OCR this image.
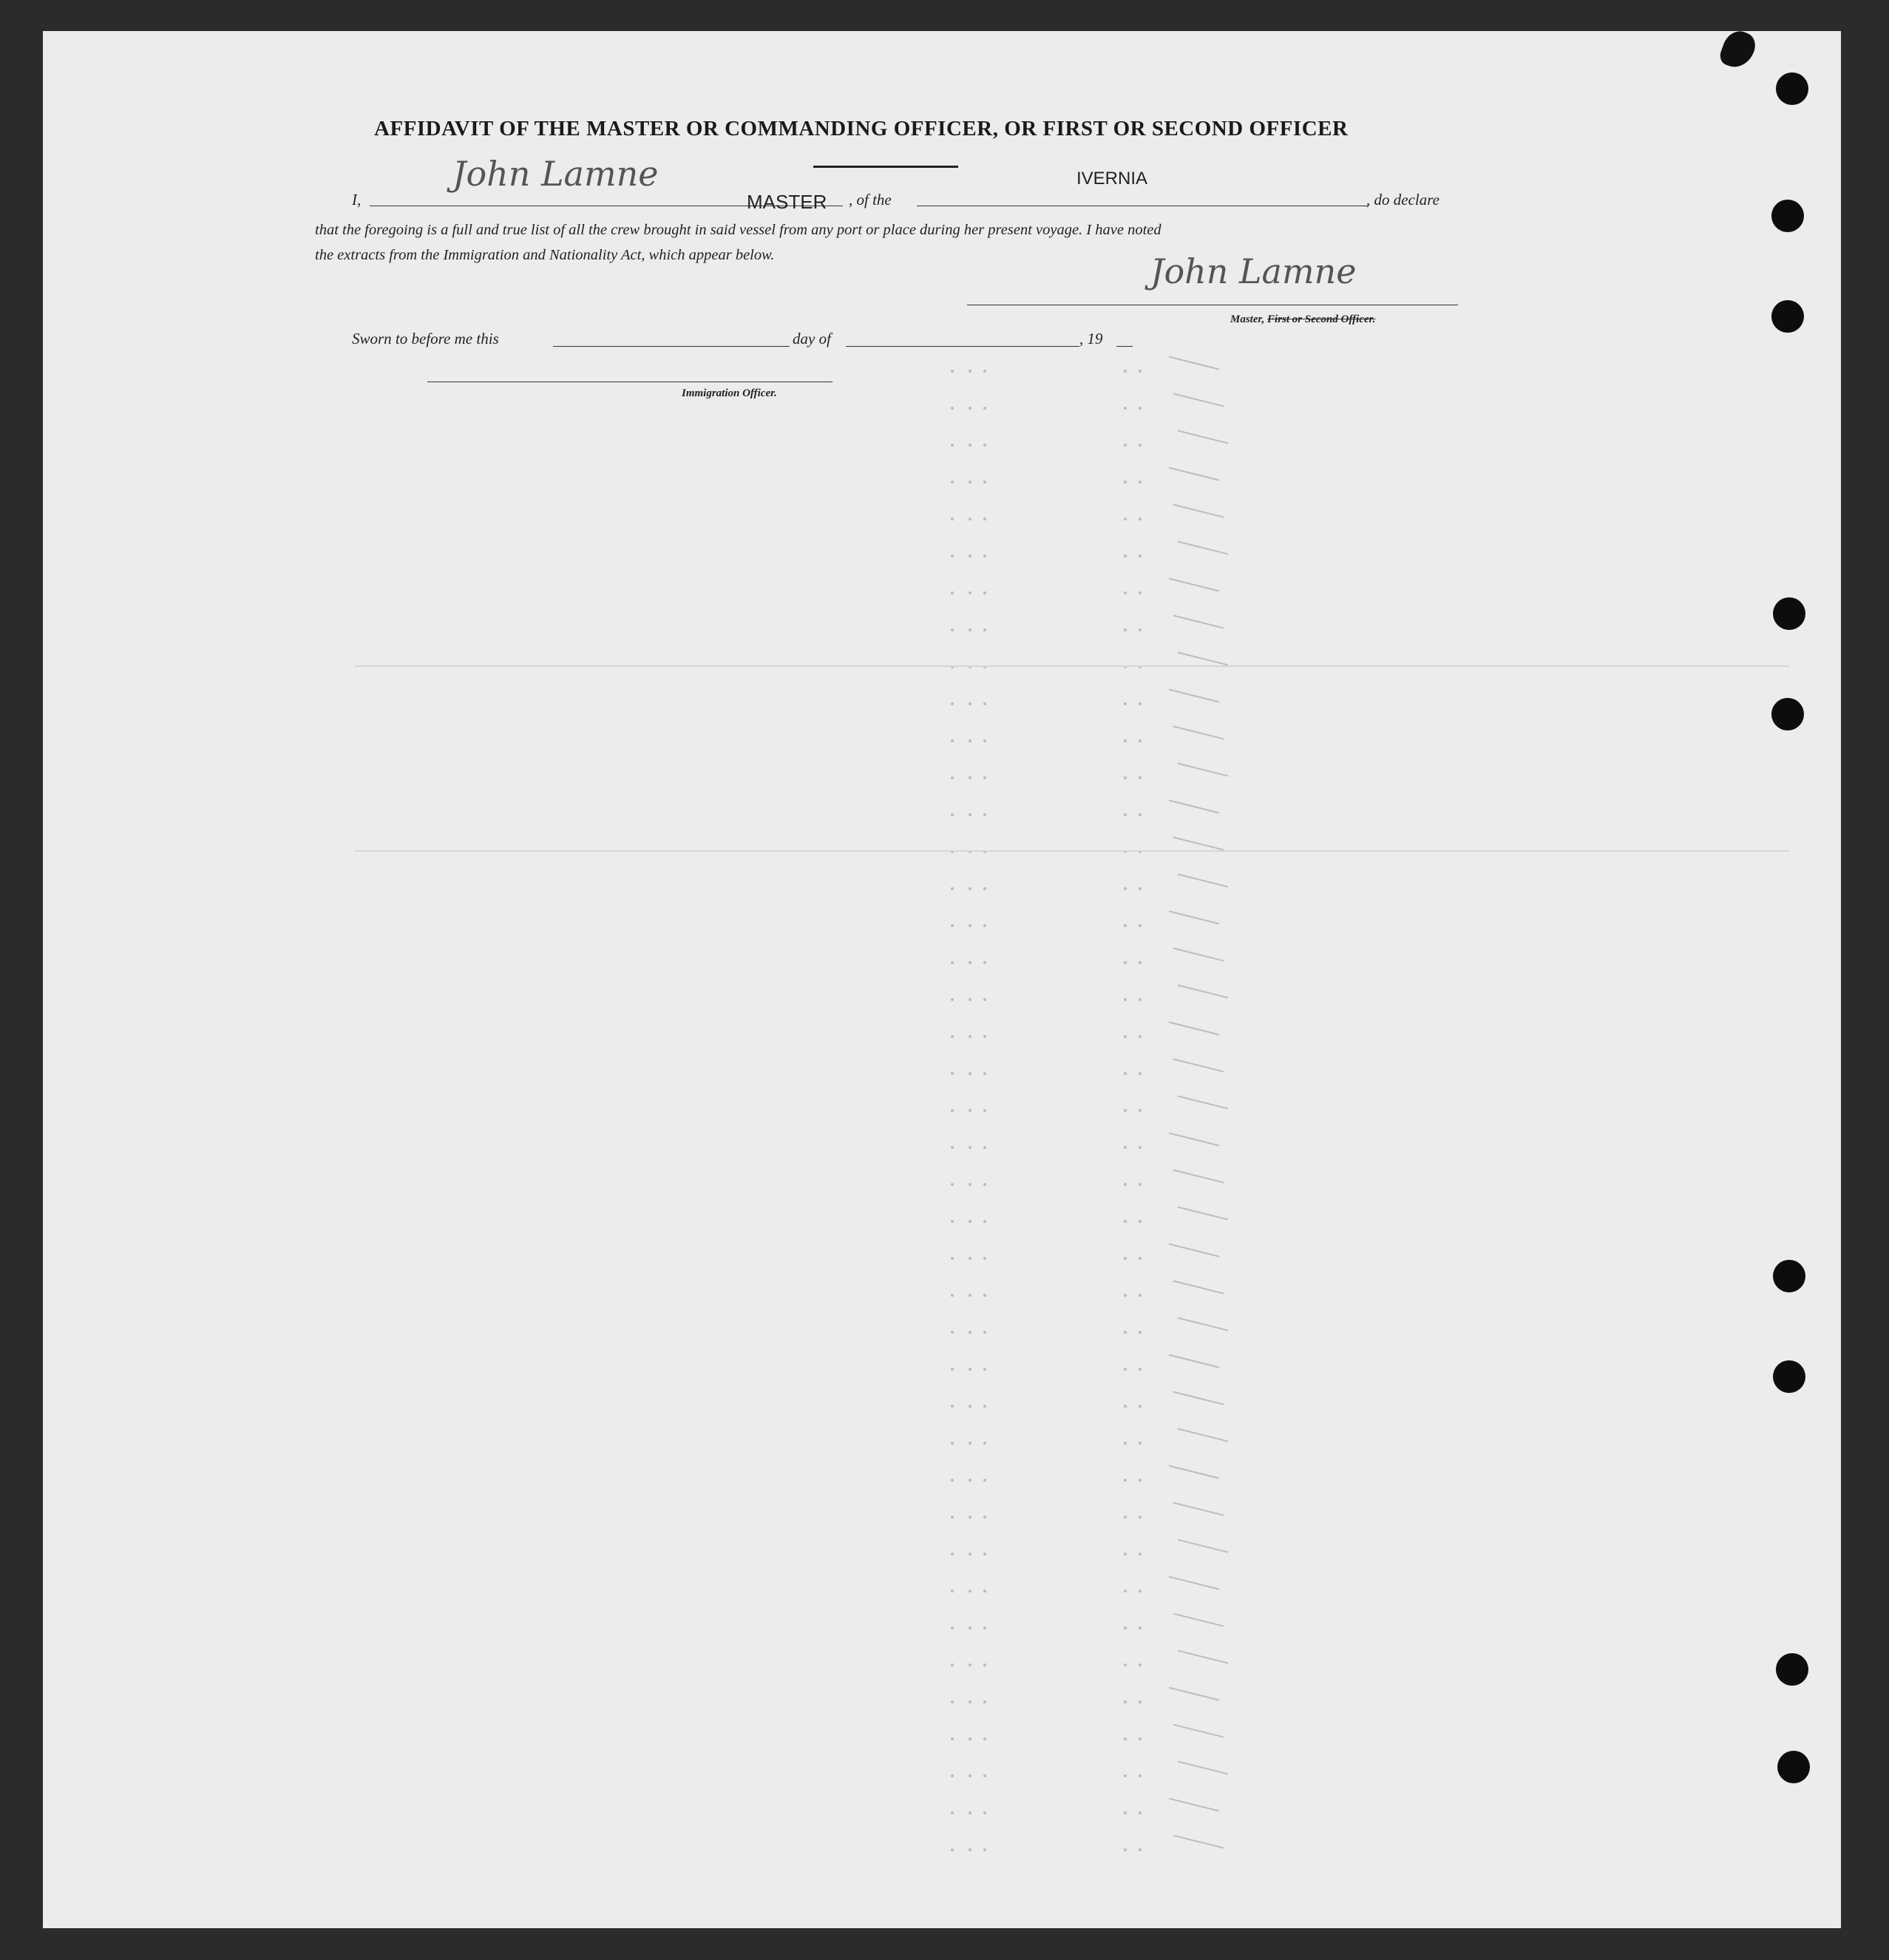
AFFIDAVIT OF THE MASTER OR COMMANDING OFFICER, OR FIRST OR SECOND OFFICER
I,
John Lamne
MASTER , of the
IVERNIA
, do declare
that the foregoing is a full and true list of all the crew brought in said vessel from any port or place during her present voyage. I have noted
the extracts from the Immigration and Nationality Act, which appear below.	John Lamne
Master, First or Second Officer.
Sworn to before me this	day of	, 19
Immigration Officer.
